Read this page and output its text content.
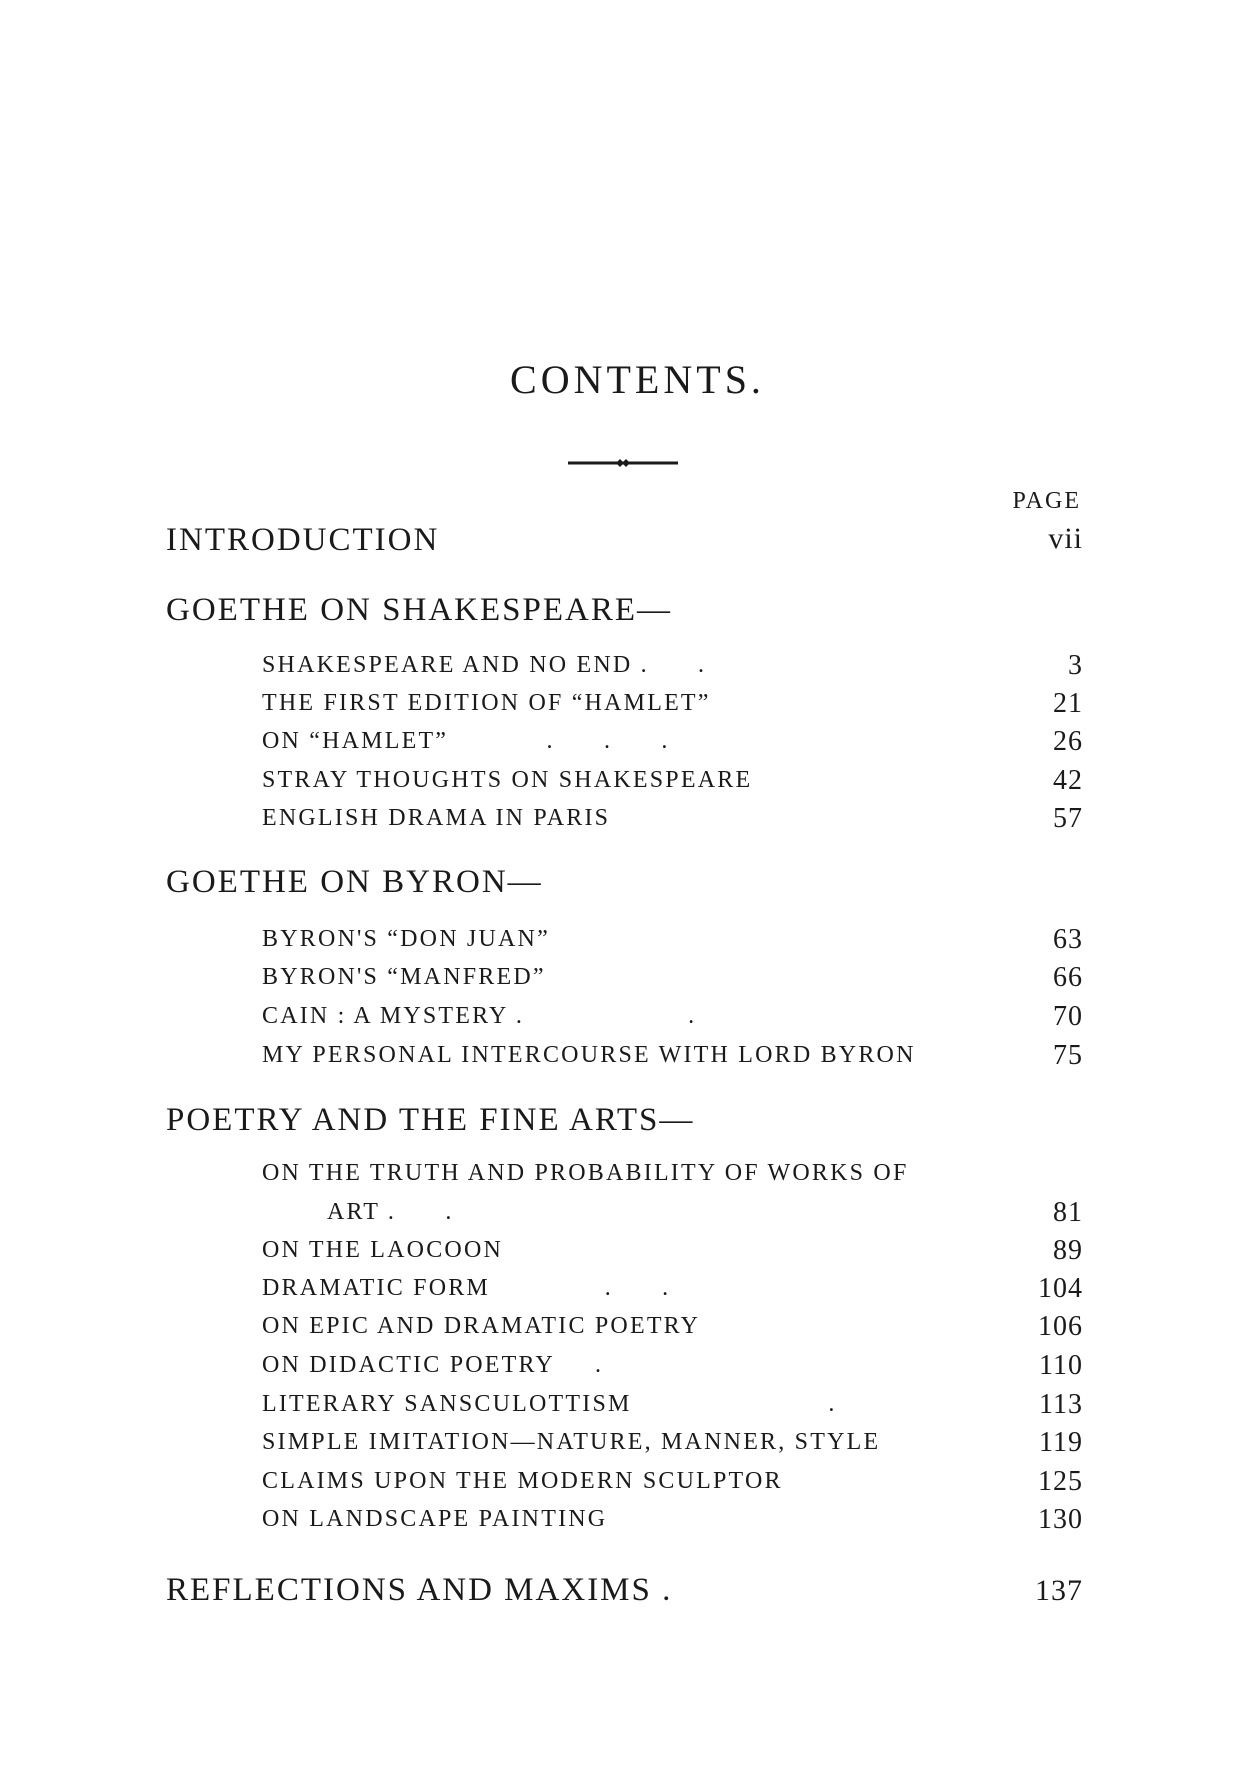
CONTENTS.
PAGE
INTRODUCTION	vii
GOETHE ON SHAKESPEARE—
SHAKESPEARE AND NO END .      .	3
THE FIRST EDITION OF “HAMLET”	21
ON “HAMLET”            .      .      .	26
STRAY THOUGHTS ON SHAKESPEARE	42
ENGLISH DRAMA IN PARIS	57
GOETHE ON BYRON—
BYRON'S “DON JUAN”	63
BYRON'S “MANFRED”	66
CAIN : A MYSTERY .                    .	70
MY PERSONAL INTERCOURSE WITH LORD BYRON	75
POETRY AND THE FINE ARTS—
ON THE TRUTH AND PROBABILITY OF WORKS OF
ART .      .	81
ON THE LAOCOON	89
DRAMATIC FORM              .      .	104
ON EPIC AND DRAMATIC POETRY	106
ON DIDACTIC POETRY     .	110
LITERARY SANSCULOTTISM                        .	113
SIMPLE IMITATION—NATURE, MANNER, STYLE	119
CLAIMS UPON THE MODERN SCULPTOR	125
ON LANDSCAPE PAINTING	130
REFLECTIONS AND MAXIMS .	137
